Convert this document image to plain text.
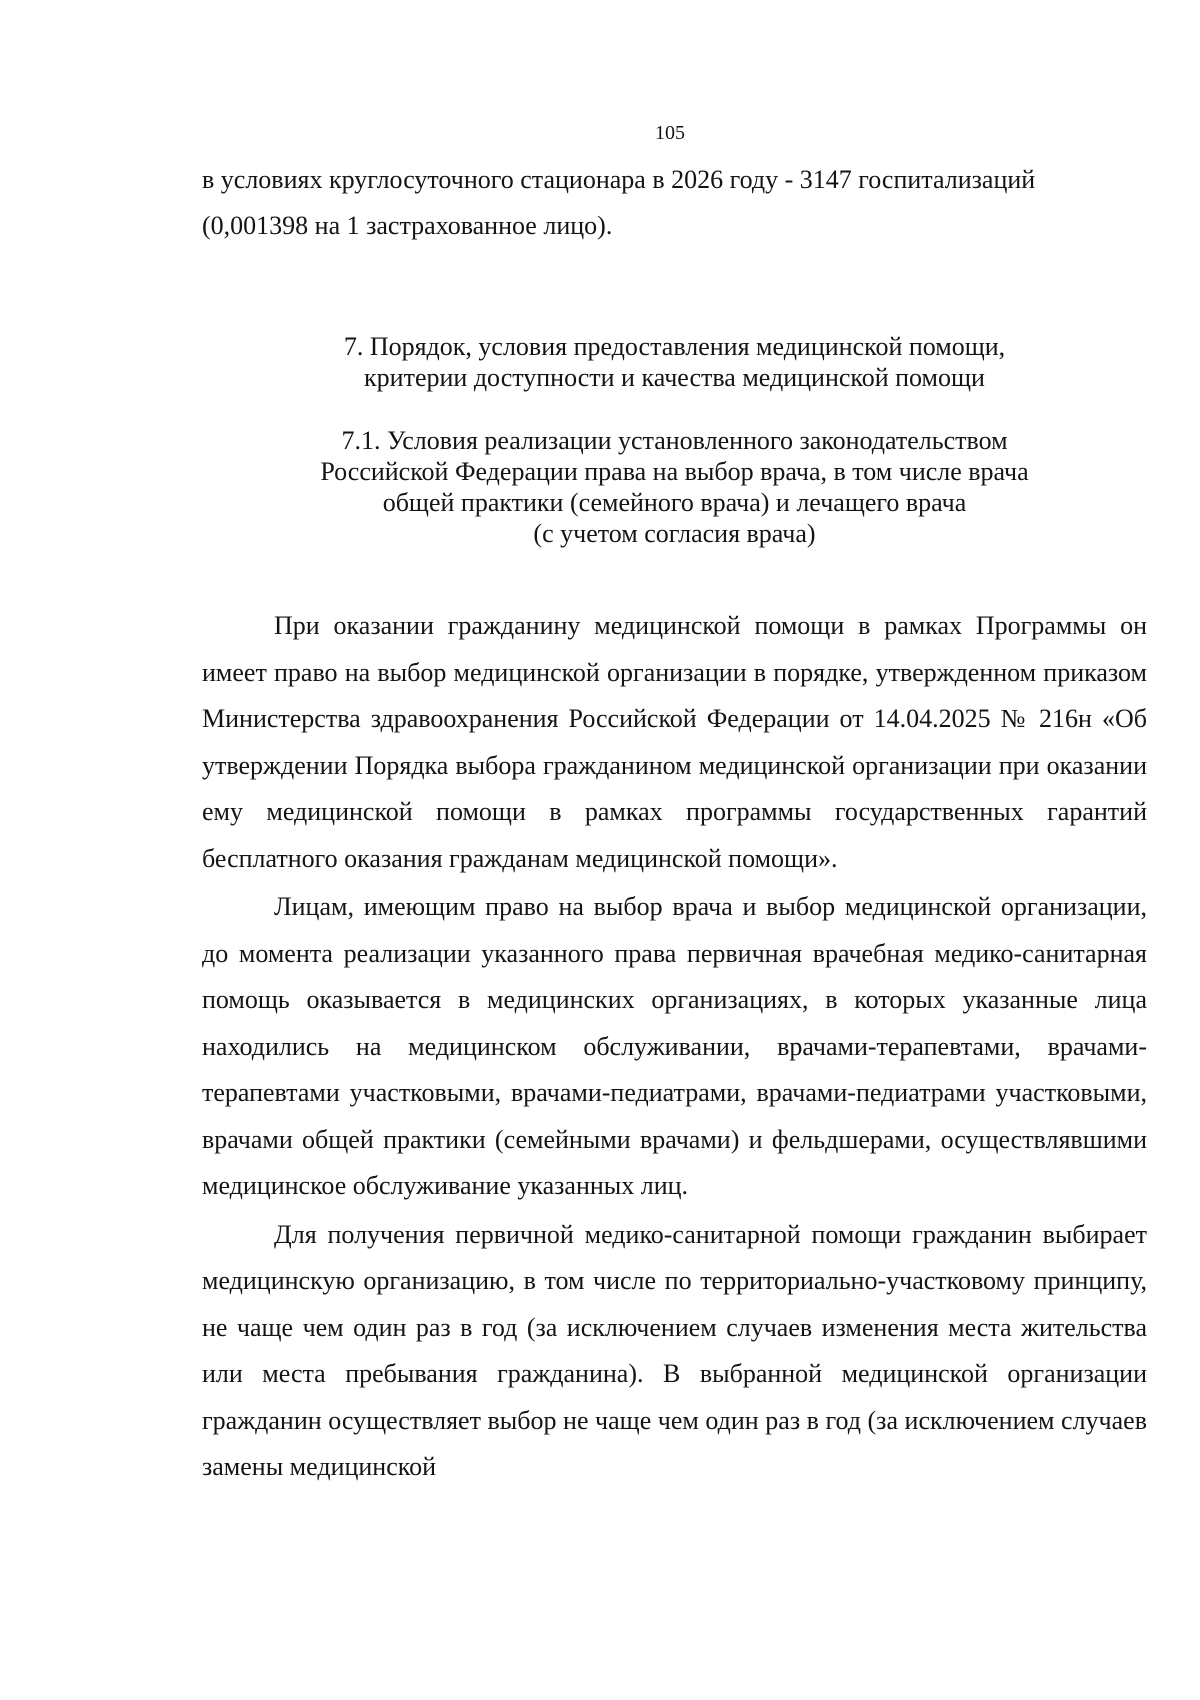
105
в условиях круглосуточного стационара в 2026 году - 3147 госпитализаций
(0,001398 на 1 застрахованное лицо).
7. Порядок, условия предоставления медицинской помощи,
критерии доступности и качества медицинской помощи
7.1. Условия реализации установленного законодательством
Российской Федерации права на выбор врача, в том числе врача
общей практики (семейного врача) и лечащего врача
(с учетом согласия врача)

При оказании гражданину медицинской помощи в рамках Программы он имеет право на выбор медицинской организации в порядке, утвержденном приказом Министерства здравоохранения Российской Федерации от 14.04.2025 № 216н «Об утверждении Порядка выбора гражданином медицинской организации при оказании ему медицинской помощи в рамках программы государственных гарантий бесплатного оказания гражданам медицинской помощи».

Лицам, имеющим право на выбор врача и выбор медицинской организации, до момента реализации указанного права первичная врачебная медико-санитарная помощь оказывается в медицинских организациях, в которых указанные лица находились на медицинском обслуживании, врачами-терапевтами, врачами-терапевтами участковыми, врачами-педиатрами, врачами-педиатрами участковыми, врачами общей практики (семейными врачами) и фельдшерами, осуществлявшими медицинское обслуживание указанных лиц.

Для получения первичной медико-санитарной помощи гражданин выбирает медицинскую организацию, в том числе по территориально-участковому принципу, не чаще чем один раз в год (за исключением случаев изменения места жительства или места пребывания гражданина). В выбранной медицинской организации гражданин осуществляет выбор не чаще чем один раз в год (за исключением случаев замены медицинской
